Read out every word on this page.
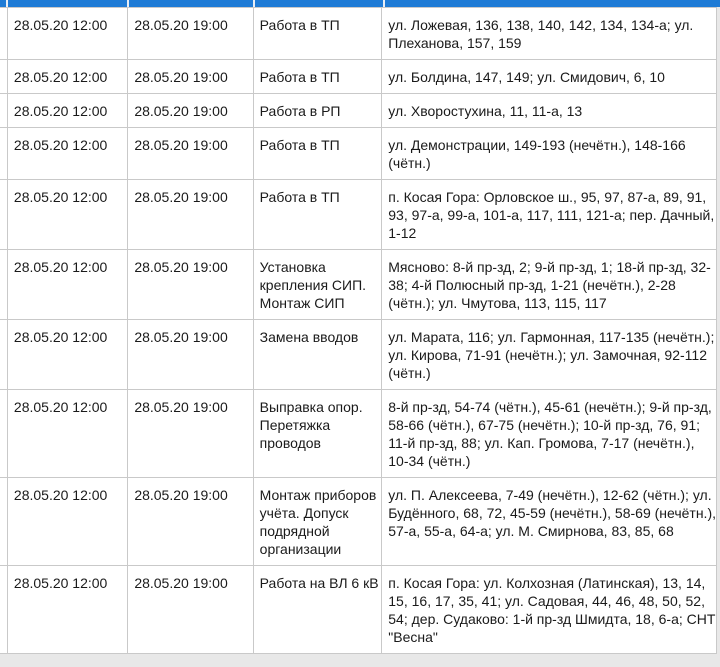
	28.05.20 12:00	28.05.20 19:00	Работа в ТП	ул. Ложевая, 136, 138, 140, 142, 134, 134-а; ул. Плеханова, 157, 159

	28.05.20 12:00	28.05.20 19:00	Работа в ТП	ул. Болдина, 147, 149; ул. Смидович, 6, 10

	28.05.20 12:00	28.05.20 19:00	Работа в РП	ул. Хворостухина, 11, 11-а, 13

	28.05.20 12:00	28.05.20 19:00	Работа в ТП	ул. Демонстрации, 149-193 (нечётн.), 148-166 (чётн.)

	28.05.20 12:00	28.05.20 19:00	Работа в ТП	п. Косая Гора: Орловское ш., 95, 97, 87-а, 89, 91, 93, 97-а, 99-а, 101-а, 117, 111, 121-а; пер. Дачный, 1-12

	28.05.20 12:00	28.05.20 19:00	Установка крепления СИП. Монтаж СИП	Мясново: 8-й пр-зд, 2; 9-й пр-зд, 1; 18-й пр-зд, 32-38; 4-й Полюсный пр-зд, 1-21 (нечётн.), 2-28 (чётн.); ул. Чмутова, 113, 115, 117

	28.05.20 12:00	28.05.20 19:00	Замена вводов	ул. Марата, 116; ул. Гармонная, 117-135 (нечётн.); ул. Кирова, 71-91 (нечётн.); ул. Замочная, 92-112 (чётн.)

	28.05.20 12:00	28.05.20 19:00	Выправка опор. Перетяжка проводов	8-й пр-зд, 54-74 (чётн.), 45-61 (нечётн.); 9-й пр-зд, 58-66 (чётн.), 67-75 (нечётн.); 10-й пр-зд, 76, 91; 11-й пр-зд, 88; ул. Кап. Громова, 7-17 (нечётн.), 10-34 (чётн.)

	28.05.20 12:00	28.05.20 19:00	Монтаж приборов учёта. Допуск подрядной организации	ул. П. Алексеева, 7-49 (нечётн.), 12-62 (чётн.); ул. Будённого, 68, 72, 45-59 (нечётн.), 58-69 (нечётн.), 57-а, 55-а, 64-а; ул. М. Смирнова, 83, 85, 68

	28.05.20 12:00	28.05.20 19:00	Работа на ВЛ 6 кВ	п. Косая Гора: ул. Колхозная (Латинская), 13, 14, 15, 16, 17, 35, 41; ул. Садовая, 44, 46, 48, 50, 52, 54; дер. Судаково: 1-й пр-зд Шмидта, 18, 6-а; СНТ "Весна"
